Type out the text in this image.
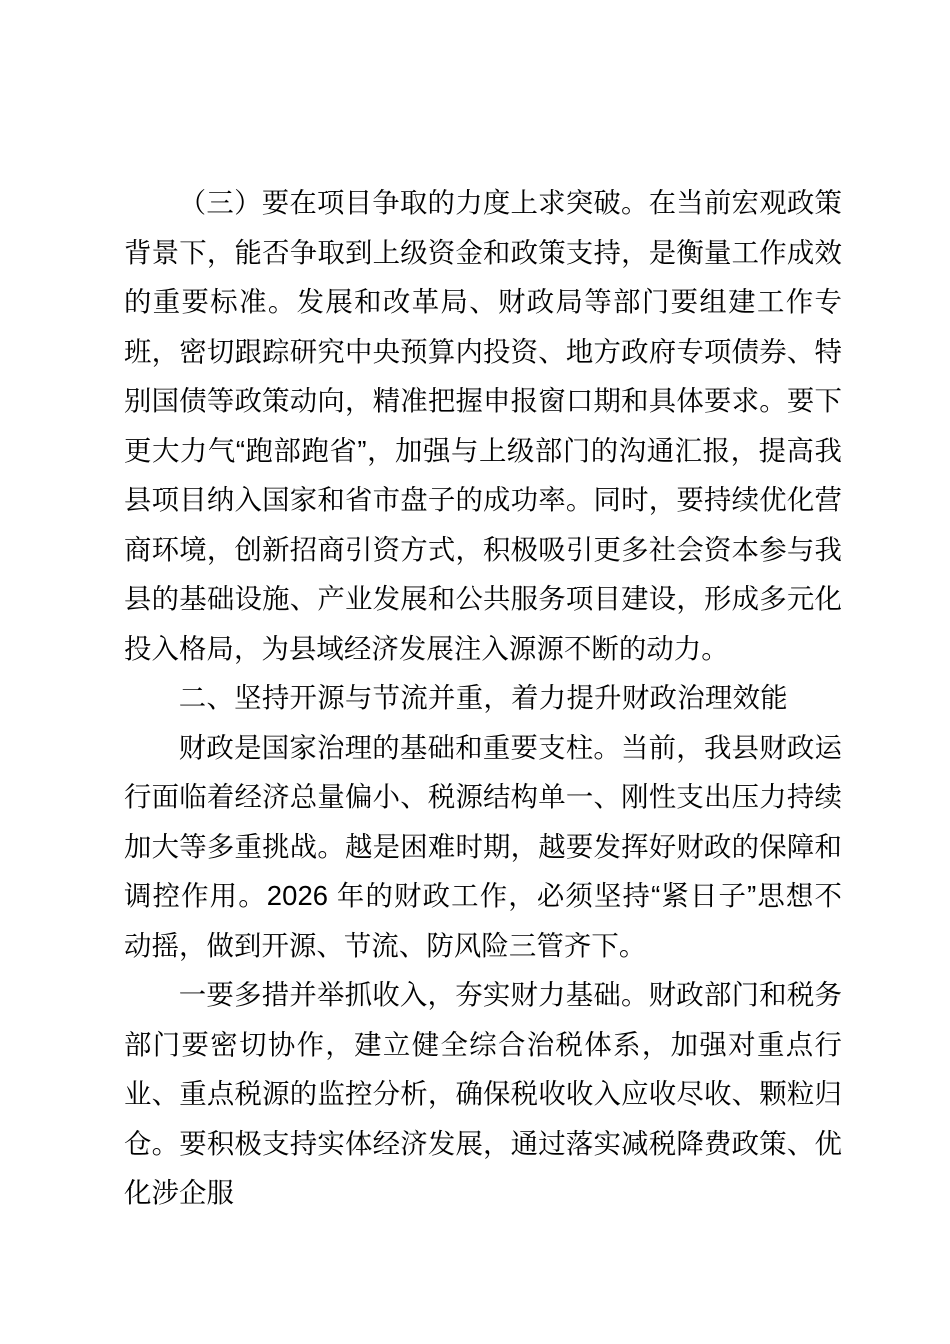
（三）要在项目争取的力度上求突破。在当前宏观政策背景下，能否争取到上级资金和政策支持，是衡量工作成效的重要标准。发展和改革局、财政局等部门要组建工作专班，密切跟踪研究中央预算内投资、地方政府专项债券、特别国债等政策动向，精准把握申报窗口期和具体要求。要下更大力气“跑部跑省”，加强与上级部门的沟通汇报，提高我县项目纳入国家和省市盘子的成功率。同时，要持续优化营商环境，创新招商引资方式，积极吸引更多社会资本参与我县的基础设施、产业发展和公共服务项目建设，形成多元化投入格局，为县域经济发展注入源源不断的动力。

二、坚持开源与节流并重，着力提升财政治理效能

财政是国家治理的基础和重要支柱。当前，我县财政运行面临着经济总量偏小、税源结构单一、刚性支出压力持续加大等多重挑战。越是困难时期，越要发挥好财政的保障和调控作用。2026 年的财政工作，必须坚持“紧日子”思想不动摇，做到开源、节流、防风险三管齐下。

一要多措并举抓收入，夯实财力基础。财政部门和税务部门要密切协作，建立健全综合治税体系，加强对重点行业、重点税源的监控分析，确保税收收入应收尽收、颗粒归仓。要积极支持实体经济发展，通过落实减税降费政策、优化涉企服
